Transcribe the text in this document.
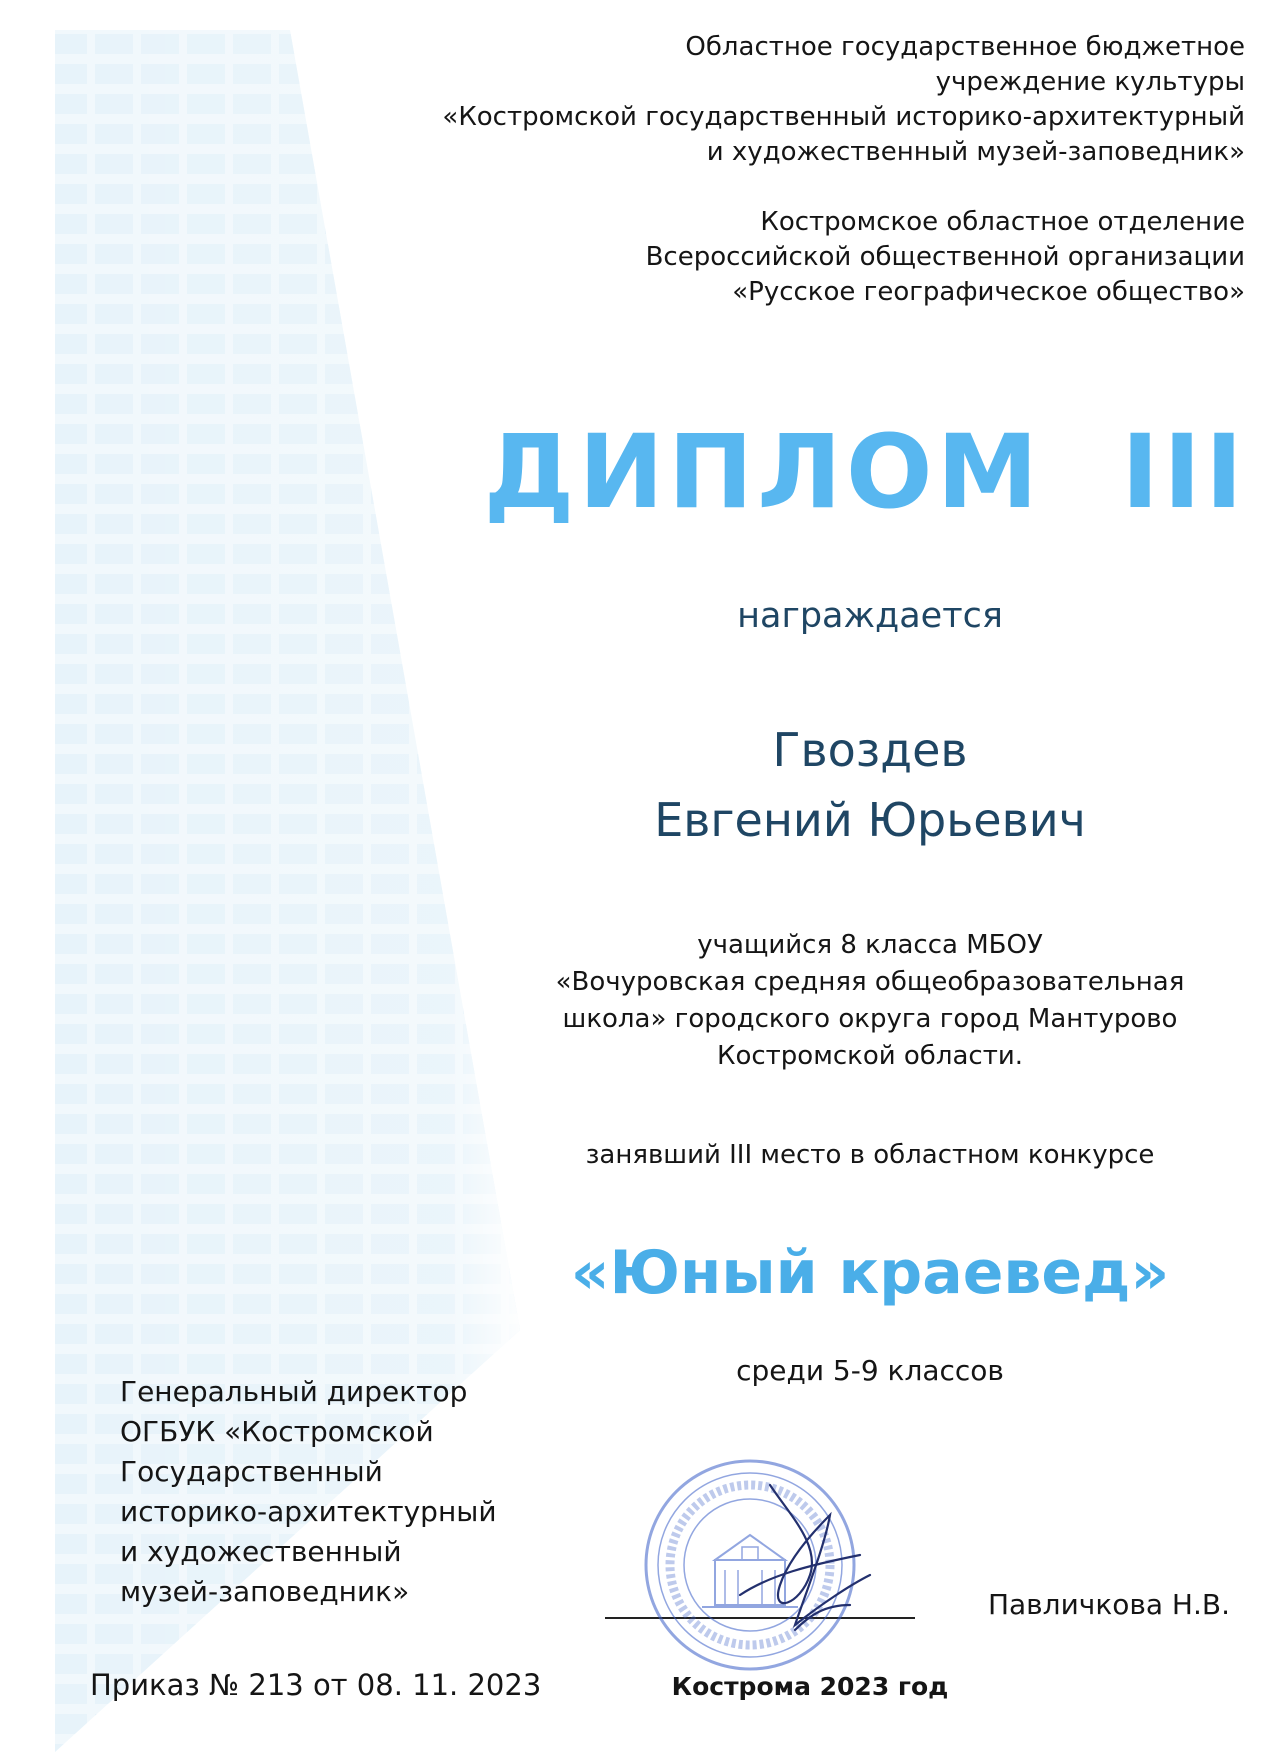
Областное государственное бюджетное
учреждение культуры
«Костромской государственный историко-архитектурный
и художественный музей-заповедник»
Костромское областное отделение
Всероссийской общественной организации
«Русское географическое общество»
ДИПЛОМ  III
награждается
Гвоздев
Евгений Юрьевич
учащийся 8 класса МБОУ
«Вочуровская средняя общеобразовательная
школа» городского округа город Мантурово
Костромской области.
занявший III место в областном конкурсе
«Юный краевед»
среди 5-9 классов
Генеральный директор
ОГБУК «Костромской
Государственный
историко-архитектурный
и художественный
музей-заповедник»	Павличкова Н.В.
Приказ № 213 от 08. 11. 2023	Кострома 2023 год
